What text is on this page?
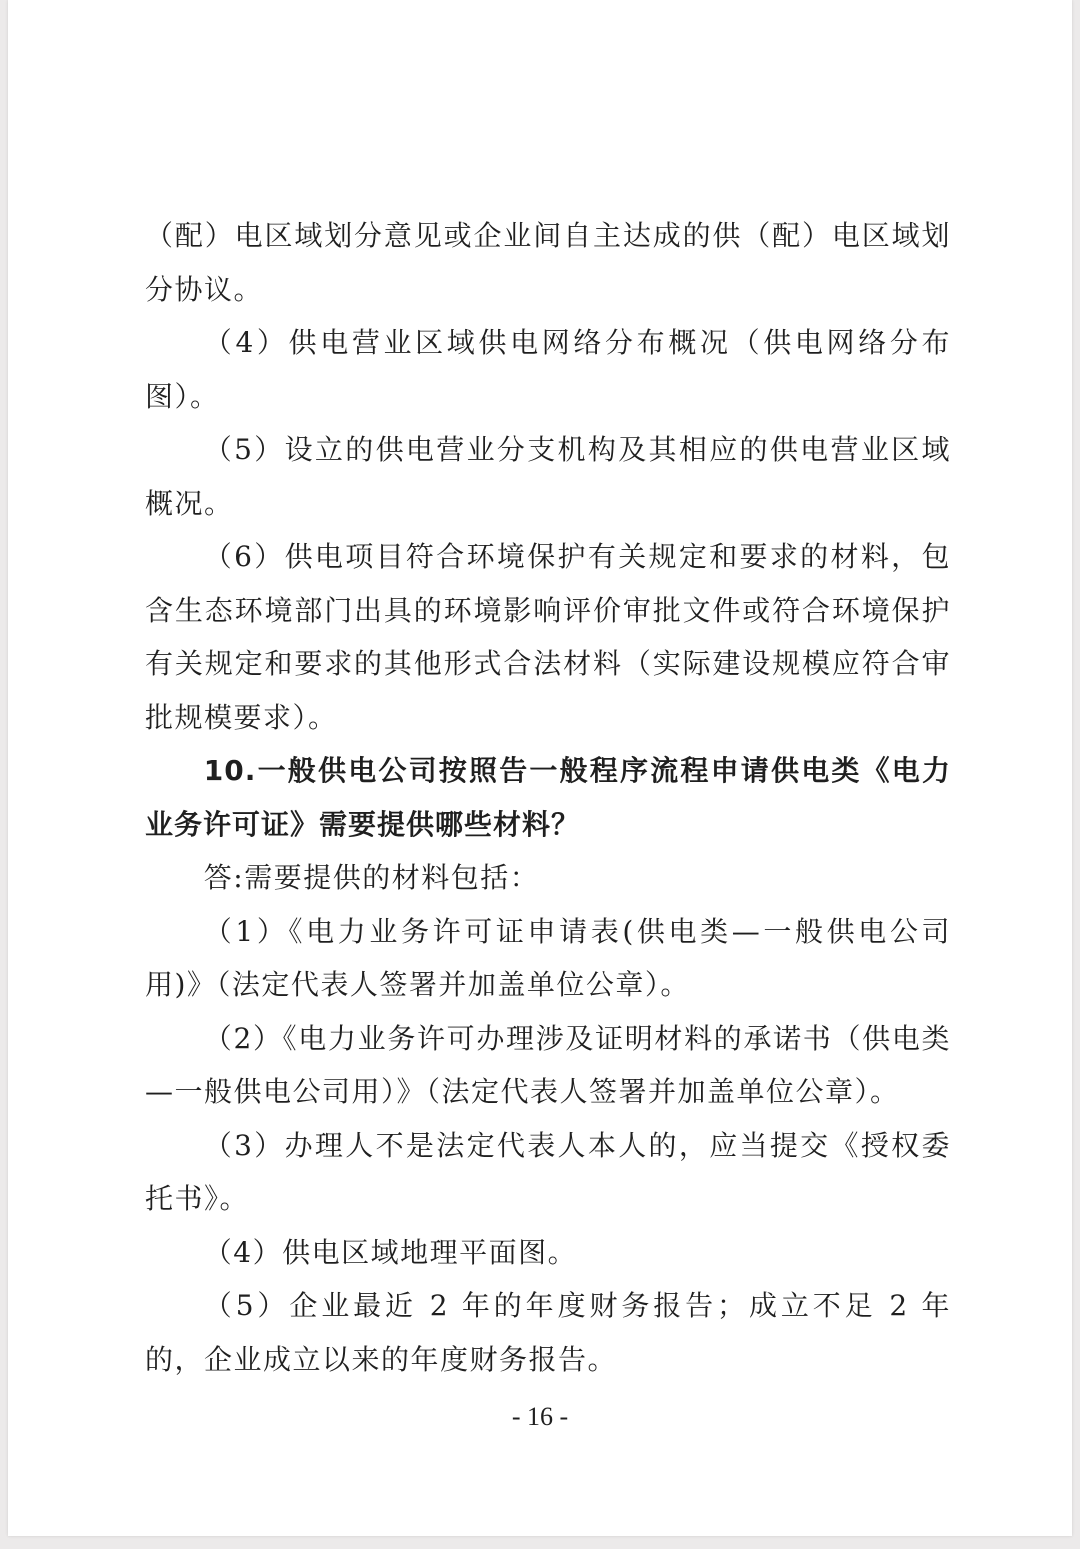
（配）电区域划分意见或企业间自主达成的供（配）电区域划分协议。

（4）供电营业区域供电网络分布概况（供电网络分布图）。

（5）设立的供电营业分支机构及其相应的供电营业区域概况。

（6）供电项目符合环境保护有关规定和要求的材料，包含生态环境部门出具的环境影响评价审批文件或符合环境保护有关规定和要求的其他形式合法材料（实际建设规模应符合审批规模要求）。

10.一般供电公司按照告一般程序流程申请供电类《电力业务许可证》需要提供哪些材料？

答:需要提供的材料包括：

（1）《电力业务许可证申请表(供电类—一般供电公司用)》（法定代表人签署并加盖单位公章）。

（2）《电力业务许可办理涉及证明材料的承诺书（供电类—一般供电公司用）》（法定代表人签署并加盖单位公章）。

（3）办理人不是法定代表人本人的，应当提交《授权委托书》。

（4）供电区域地理平面图。

（5）企业最近 2 年的年度财务报告；成立不足 2 年的，企业成立以来的年度财务报告。

- 16 -
